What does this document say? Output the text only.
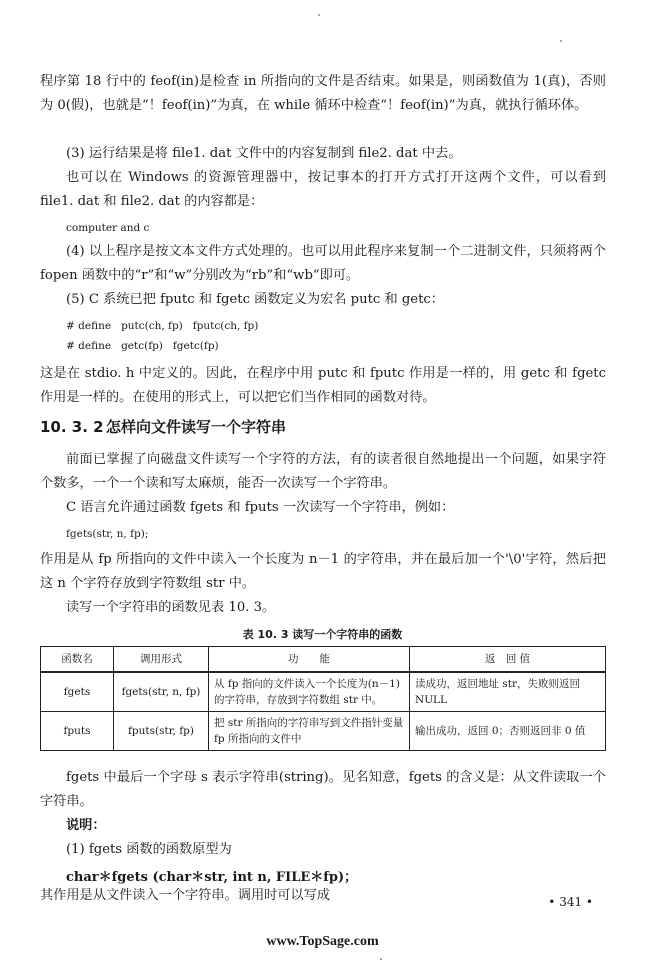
程序第 18 行中的 feof(in)是检查 in 所指向的文件是否结束。如果是，则函数值为 1(真)，否则为 0(假)，也就是“！feof(in)”为真，在 while 循环中检查“！feof(in)”为真，就执行循环体。

(3) 运行结果是将 file1. dat 文件中的内容复制到 file2. dat 中去。

也可以在 Windows 的资源管理器中，按记事本的打开方式打开这两个文件，可以看到 file1. dat 和 file2. dat 的内容都是：

computer and c

(4) 以上程序是按文本文件方式处理的。也可以用此程序来复制一个二进制文件，只须将两个 fopen 函数中的“r”和“w”分别改为“rb”和“wb”即可。

(5) C 系统已把 fputc 和 fgetc 函数定义为宏名 putc 和 getc：

# define   putc(ch, fp)   fputc(ch, fp)

# define   getc(fp)   fgetc(fp)

这是在 stdio. h 中定义的。因此，在程序中用 putc 和 fputc 作用是一样的，用 getc 和 fgetc 作用是一样的。在使用的形式上，可以把它们当作相同的函数对待。

10. 3. 2 怎样向文件读写一个字符串

前面已掌握了向磁盘文件读写一个字符的方法，有的读者很自然地提出一个问题，如果字符个数多，一个一个读和写太麻烦，能否一次读写一个字符串。

C 语言允许通过函数 fgets 和 fputs 一次读写一个字符串，例如：

fgets(str, n, fp);

作用是从 fp 所指向的文件中读入一个长度为 n－1 的字符串，并在最后加一个'\0'字符，然后把这 n 个字符存放到字符数组 str 中。

读写一个字符串的函数见表 10. 3。

表 10. 3 读写一个字符串的函数
函数名	调用形式	功　　能	返　回 值
fgets	fgets(str, n, fp)	从 fp 指向的文件读入一个长度为(n－1)的字符串，存放到字符数组 str 中。	读成功，返回地址 str，失败则返回 NULL
fputs	fputs(str, fp)	把 str 所指向的字符串写到文件指针变量 fp 所指向的文件中	输出成功，返回 0；否则返回非 0 值

fgets 中最后一个字母 s 表示字符串(string)。见名知意，fgets 的含义是：从文件读取一个字符串。

说明：

(1) fgets 函数的函数原型为

char＊fgets (char＊str, int n, FILE＊fp)；

其作用是从文件读入一个字符串。调用时可以写成	• 341 •
www.TopSage.com
